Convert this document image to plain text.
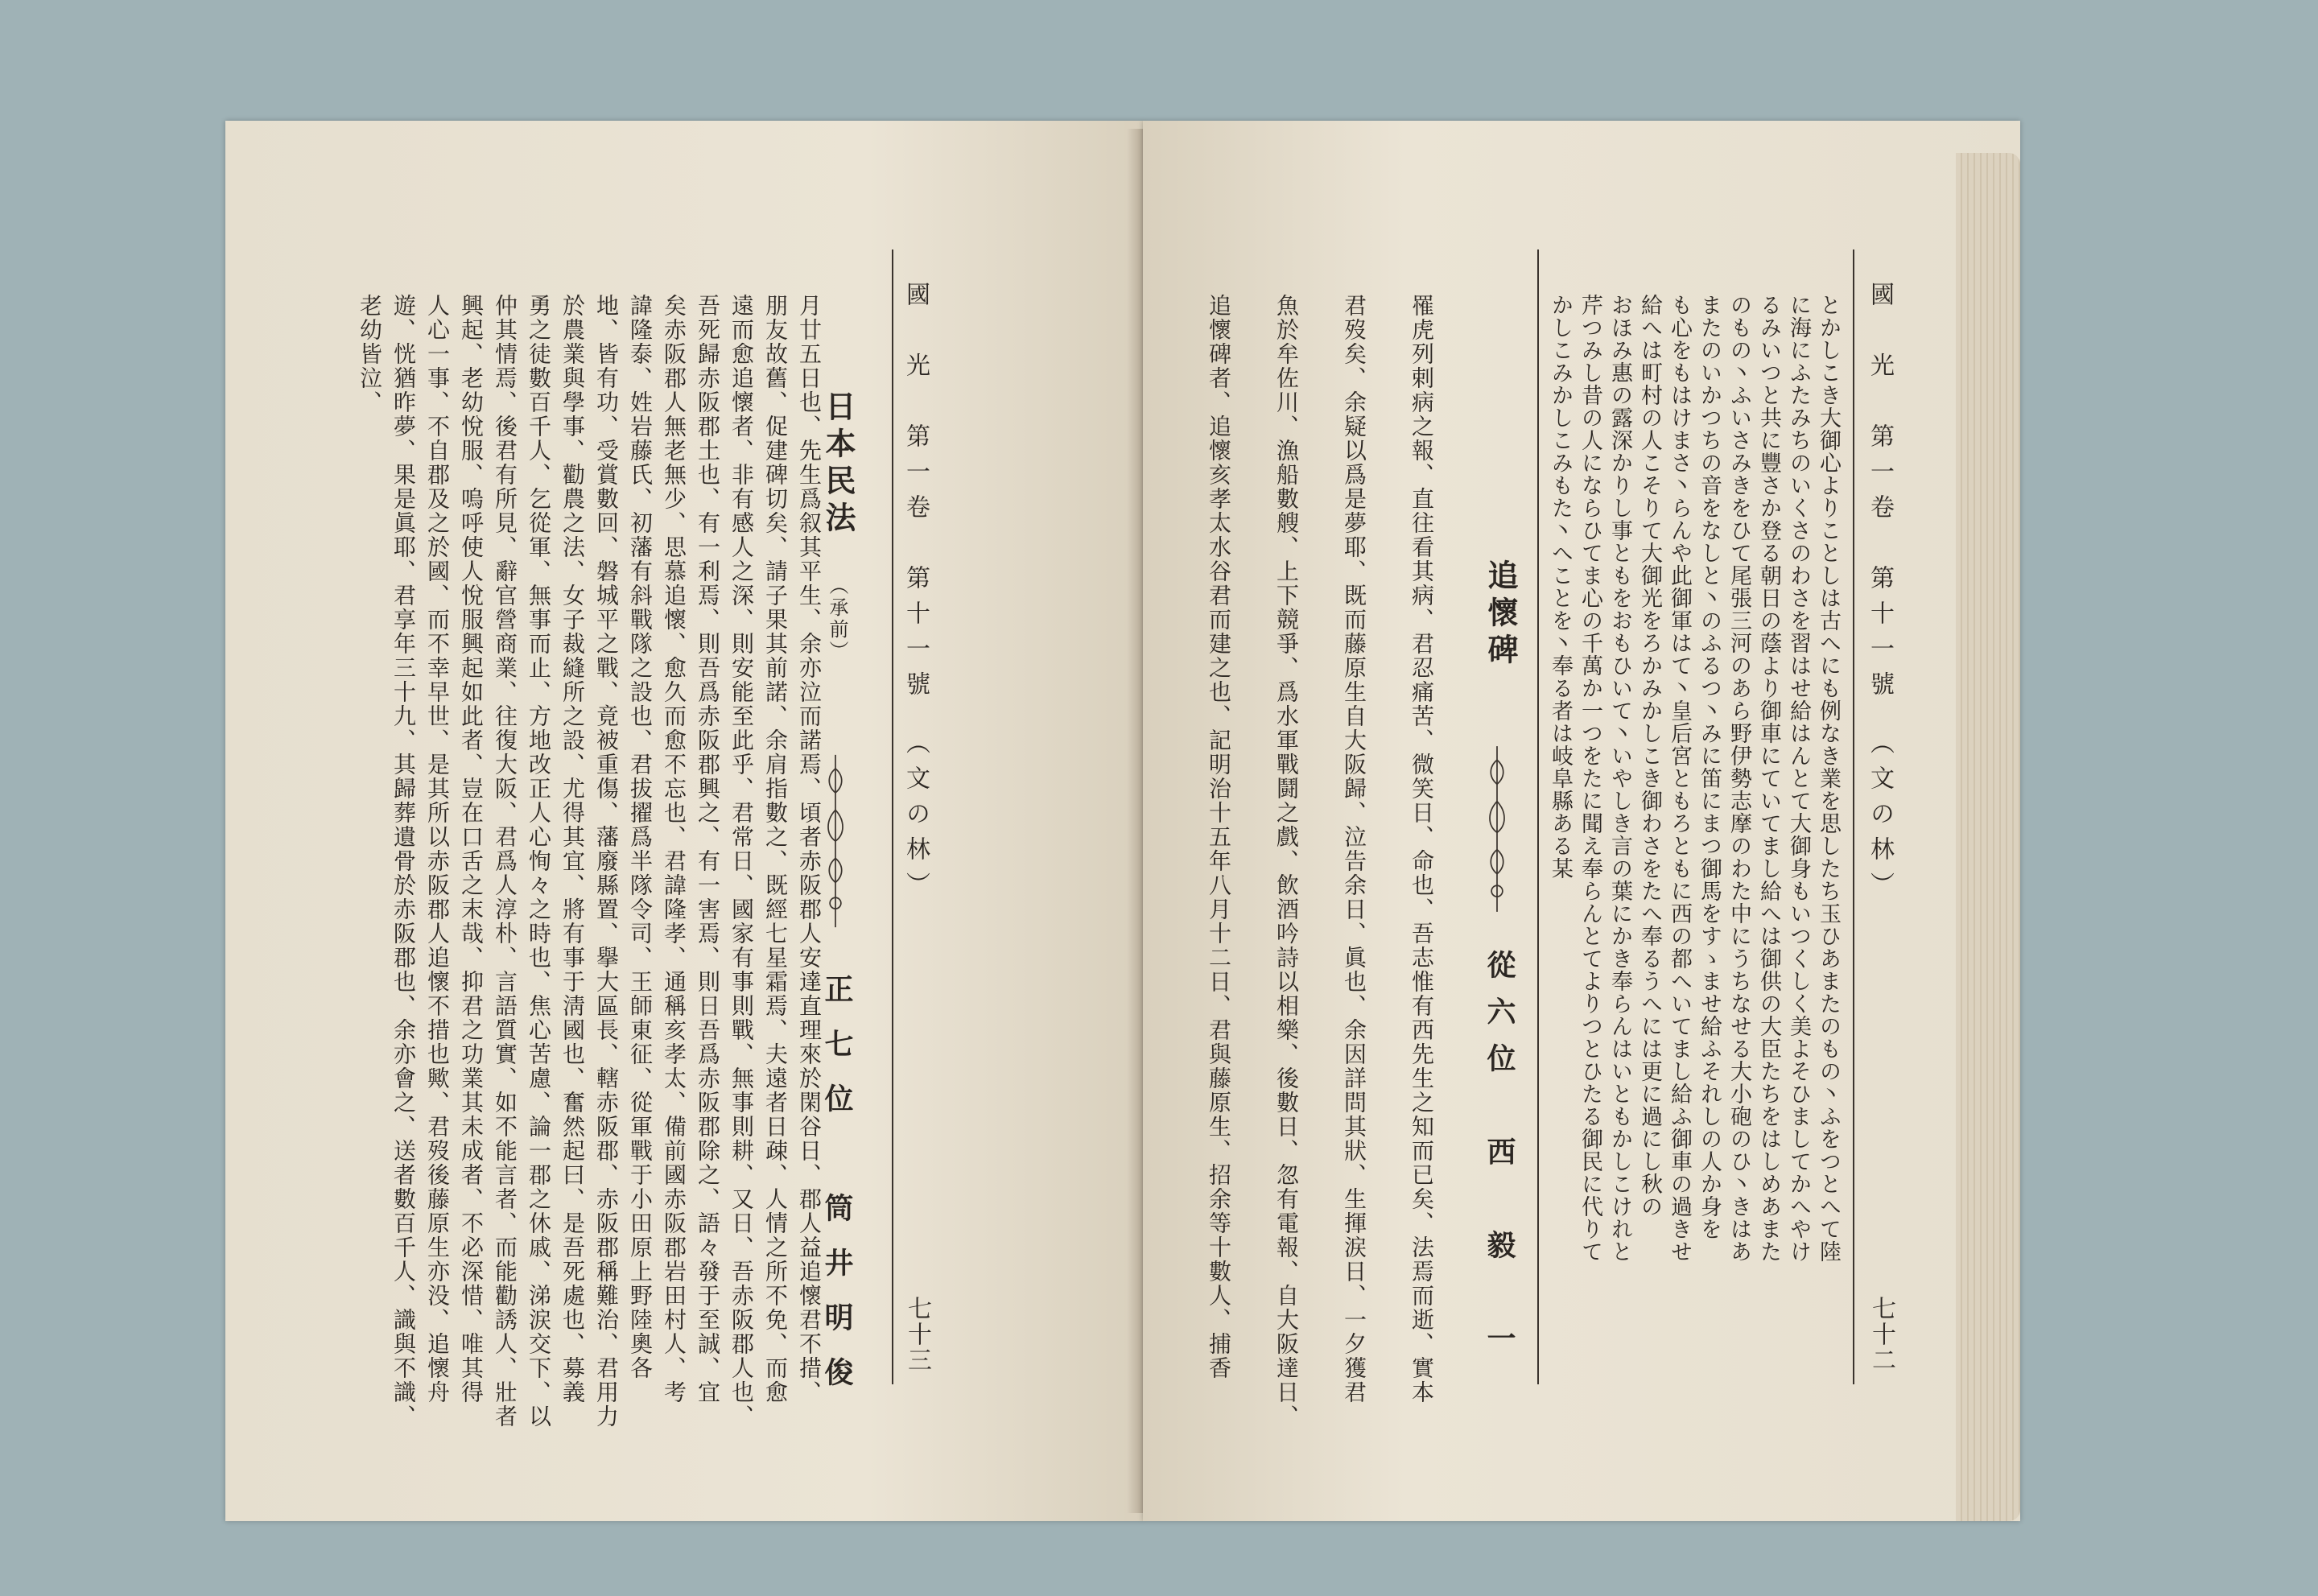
老幼皆泣、 遊、恍猶昨夢、果是眞耶、君享年三十九、其歸葬遺骨於赤阪郡也、余亦會之、送者數百千人、識與不識、 人心一事、不自郡及之於國、而不幸早世、是其所以赤阪郡人追懷不措也歟、君歿後藤原生亦没、追懷舟 興起、老幼悅服、嗚呼使人悅服興起如此者、豈在口舌之末哉、抑君之功業其未成者、不必深惜、唯其得 仲其情焉、後君有所見、辭官營商業、往復大阪、君爲人淳朴、言語質實、如不能言者、而能勸誘人、壯者 勇之徒數百千人、乞從軍、無事而止、方地改正人心恂々之時也、焦心苦慮、論一郡之休戚、涕涙交下、以 於農業與學事、勸農之法、女子裁縫所之設、尤得其宜、將有事于淸國也、奮然起曰、是吾死處也、募義 地、皆有功、受賞數回、磐城平之戰、竟被重傷、藩廢縣置、擧大區長、轄赤阪郡、赤阪郡稱難治、君用力 諱隆泰、姓岩藤氏、初藩有斜戰隊之設也、君拔擢爲半隊令司、王師東征、從軍戰于小田原上野陸奧各 矣赤阪郡人無老無少、思慕追懷、愈久而愈不忘也、君諱隆孝、通稱亥孝太、備前國赤阪郡岩田村人、考 吾死歸赤阪郡土也、有一利焉、則吾爲赤阪郡興之、有一害焉、則日吾爲赤阪郡除之、語々發于至誠、宜 遠而愈追懷者、非有感人之深、則安能至此乎、君常日、國家有事則戰、無事則耕、又日、吾赤阪郡人也、 朋友故舊、促建碑切矣、請子果其前諾、余肩指數之、既經七星霜焉、夫遠者日疎、人情之所不免、而愈 月廿五日也、先生爲叙其平生、余亦泣而諾焉、頃者赤阪郡人安達直理來於閑谷日、郡人益追懷君不措、
日本民法
（承前）
正七位　筒井明俊
國　光　第一卷　第十一號　（文の林）
七十三	追懷碑者、追懷亥孝太水谷君而建之也、記明治十五年八月十二日、君與藤原生、招余等十數人、捕香 魚於牟佐川、漁船數艘、上下競爭、爲水軍戰鬪之戲、飲酒吟詩以相樂、後數日、忽有電報、自大阪達日、 君歿矣、余疑以爲是夢耶、既而藤原生自大阪歸、泣告余日、眞也、余因詳問其狀、生揮涙日、一夕獲君 罹虎列剌病之報、直往看其病、君忍痛苦、微笑日、命也、吾志惟有西先生之知而已矣、法焉而逝、實本 追懷碑
從六位　西　毅　一	とかしこき大御心よりことしは古へにも例なき業を思したち玉ひあまたのもの丶ふをつとへて陸
に海にふたみちのいくさのわさを習はせ給はんとて大御身もいつくしく美よそひましてかへやけ
るみいつと共に豐さか登る朝日の蔭より御車にていてまし給へは御供の大臣たちをはしめあまた
のもの丶ふいさみきをひて尾張三河のあら野伊勢志摩のわた中にうちなせる大小砲のひ丶きはあ
またのいかつちの音をなしと丶のふるつ丶みに笛にまつ御馬をすゝませ給ふそれしの人か身を
も心をもはけまさ丶らんや此御軍はて丶皇后宮ともろともに西の都へいてまし給ふ御車の過きせ
給へは町村の人こそりて大御光をろかみかしこき御わさをたへ奉るうへには更に過にし秋の
おほみ惠の露深かりし事ともをおもひいて丶いやしき言の葉にかき奉らんはいともかしこけれと
芹つみし昔の人にならひてま心の千萬か一つをたに聞え奉らんとてよりつとひたる御民に代りて
かしこみかしこみもた丶へことを丶奉る者は岐阜縣ある某	國　光　第一卷　第十一號　（文の林）
七十二
